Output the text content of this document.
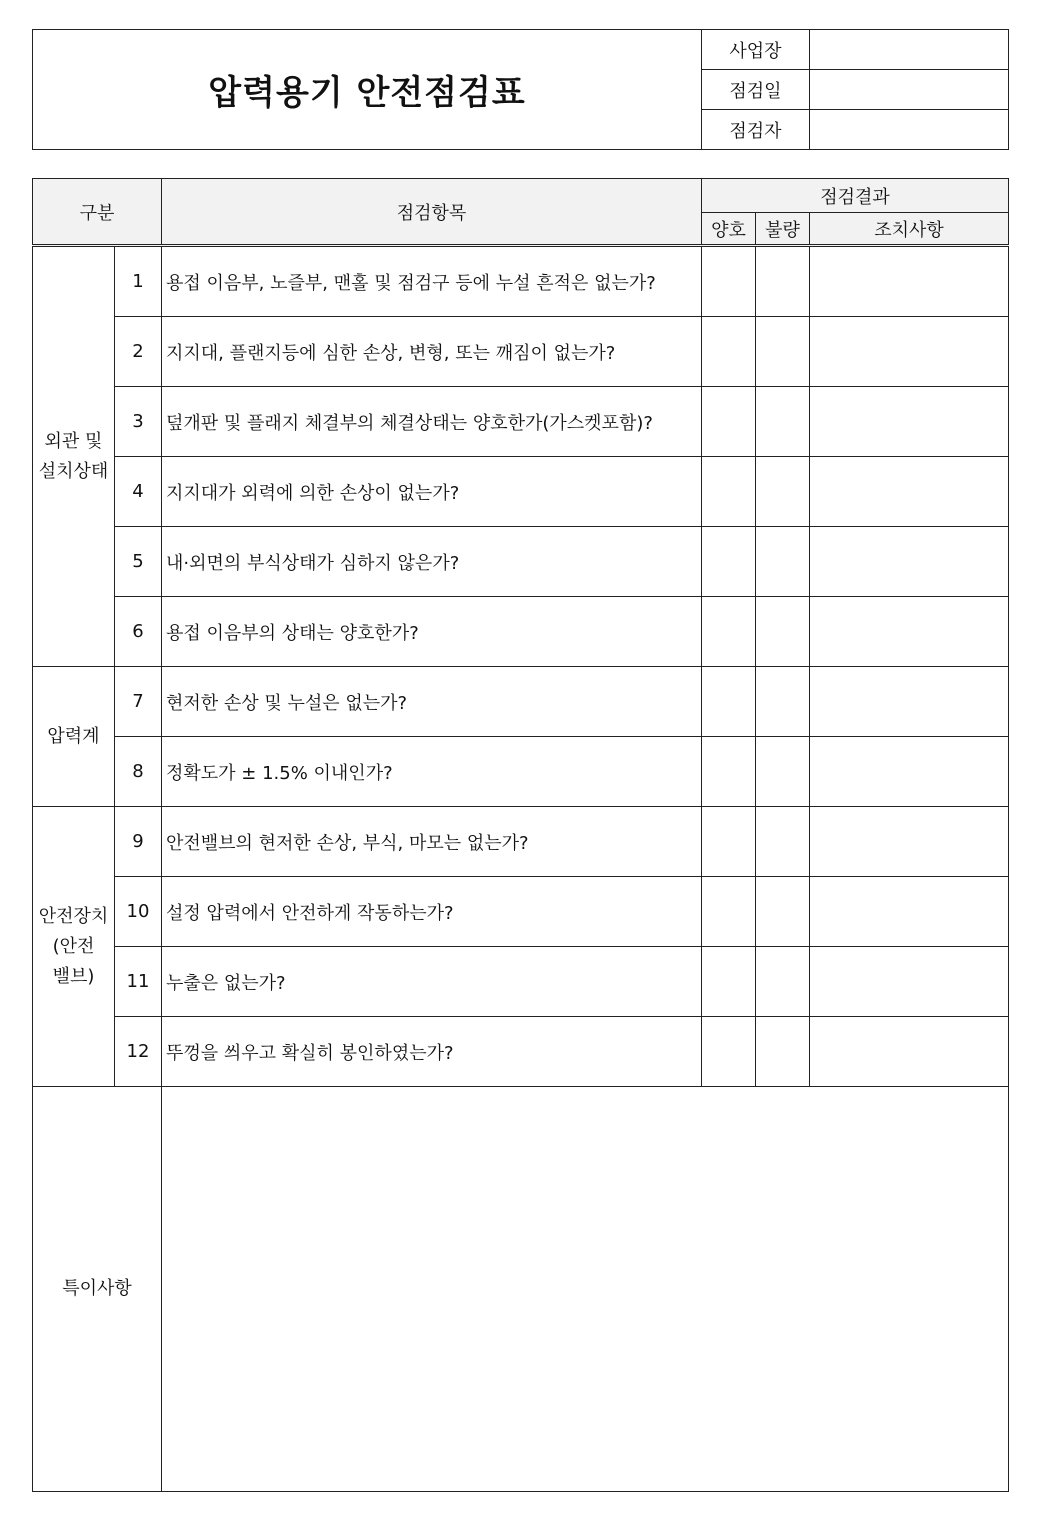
압력용기 안전점검표	사업장	
	점검일	
	점검자	
구분		점검항목	점검결과		
			양호	불량	조치사항
외관 및
설치상태	1	용접 이음부, 노즐부, 맨홀 및 점검구 등에 누설 흔적은 없는가?			
	2	지지대, 플랜지등에 심한 손상, 변형, 또는 깨짐이 없는가?			
	3	덮개판 및 플래지 체결부의 체결상태는 양호한가(가스켓포함)?			
	4	지지대가 외력에 의한 손상이 없는가?			
	5	내·외면의 부식상태가 심하지 않은가?			
	6	용접 이음부의 상태는 양호한가?			
압력계	7	현저한 손상 및 누설은 없는가?			
	8	정확도가 ± 1.5% 이내인가?			
안전장치
(안전
밸브)	9	안전밸브의 현저한 손상, 부식, 마모는 없는가?			
	10	설정 압력에서 안전하게 작동하는가?			
	11	누출은 없는가?			
	12	뚜껑을 씌우고 확실히 봉인하였는가?			
특이사항					
